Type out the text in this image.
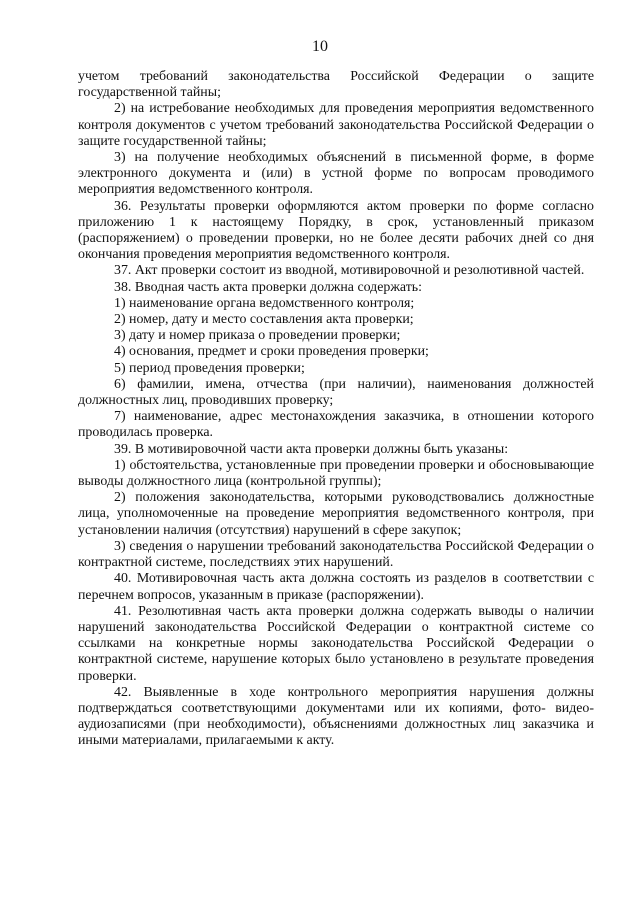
10

учетом требований законодательства Российской Федерации о защите государственной тайны;

2) на истребование необходимых для проведения мероприятия ведомственного контроля документов с учетом требований законодательства Российской Федерации о защите государственной тайны;

3) на получение необходимых объяснений в письменной форме, в форме электронного документа и (или) в устной форме по вопросам проводимого мероприятия ведомственного контроля.

36. Результаты проверки оформляются актом проверки по форме согласно приложению 1 к настоящему Порядку, в срок, установленный приказом (распоряжением) о проведении проверки, но не более десяти рабочих дней со дня окончания проведения мероприятия ведомственного контроля.

37. Акт проверки состоит из вводной, мотивировочной и резолютивной частей.

38. Вводная часть акта проверки должна содержать:

1) наименование органа ведомственного контроля;

2) номер, дату и место составления акта проверки;

3) дату и номер приказа о проведении проверки;

4) основания, предмет и сроки проведения проверки;

5) период проведения проверки;

6) фамилии, имена, отчества (при наличии), наименования должностей должностных лиц, проводивших проверку;

7) наименование, адрес местонахождения заказчика, в отношении которого проводилась проверка.

39. В мотивировочной части акта проверки должны быть указаны:

1) обстоятельства, установленные при проведении проверки и обосновывающие выводы должностного лица (контрольной группы);

2) положения законодательства, которыми руководствовались должностные лица, уполномоченные на проведение мероприятия ведомственного контроля, при установлении наличия (отсутствия) нарушений в сфере закупок;

3) сведения о нарушении требований законодательства Российской Федерации о контрактной системе, последствиях этих нарушений.

40. Мотивировочная часть акта должна состоять из разделов в соответствии с перечнем вопросов, указанным в приказе (распоряжении).

41. Резолютивная часть акта проверки должна содержать выводы о наличии нарушений законодательства Российской Федерации о контрактной системе со ссылками на конкретные нормы законодательства Российской Федерации о контрактной системе, нарушение которых было установлено в результате проведения проверки.

42. Выявленные в ходе контрольного мероприятия нарушения должны подтверждаться соответствующими документами или их копиями, фото- видео- аудиозаписями (при необходимости), объяснениями должностных лиц заказчика и иными материалами, прилагаемыми к акту.
